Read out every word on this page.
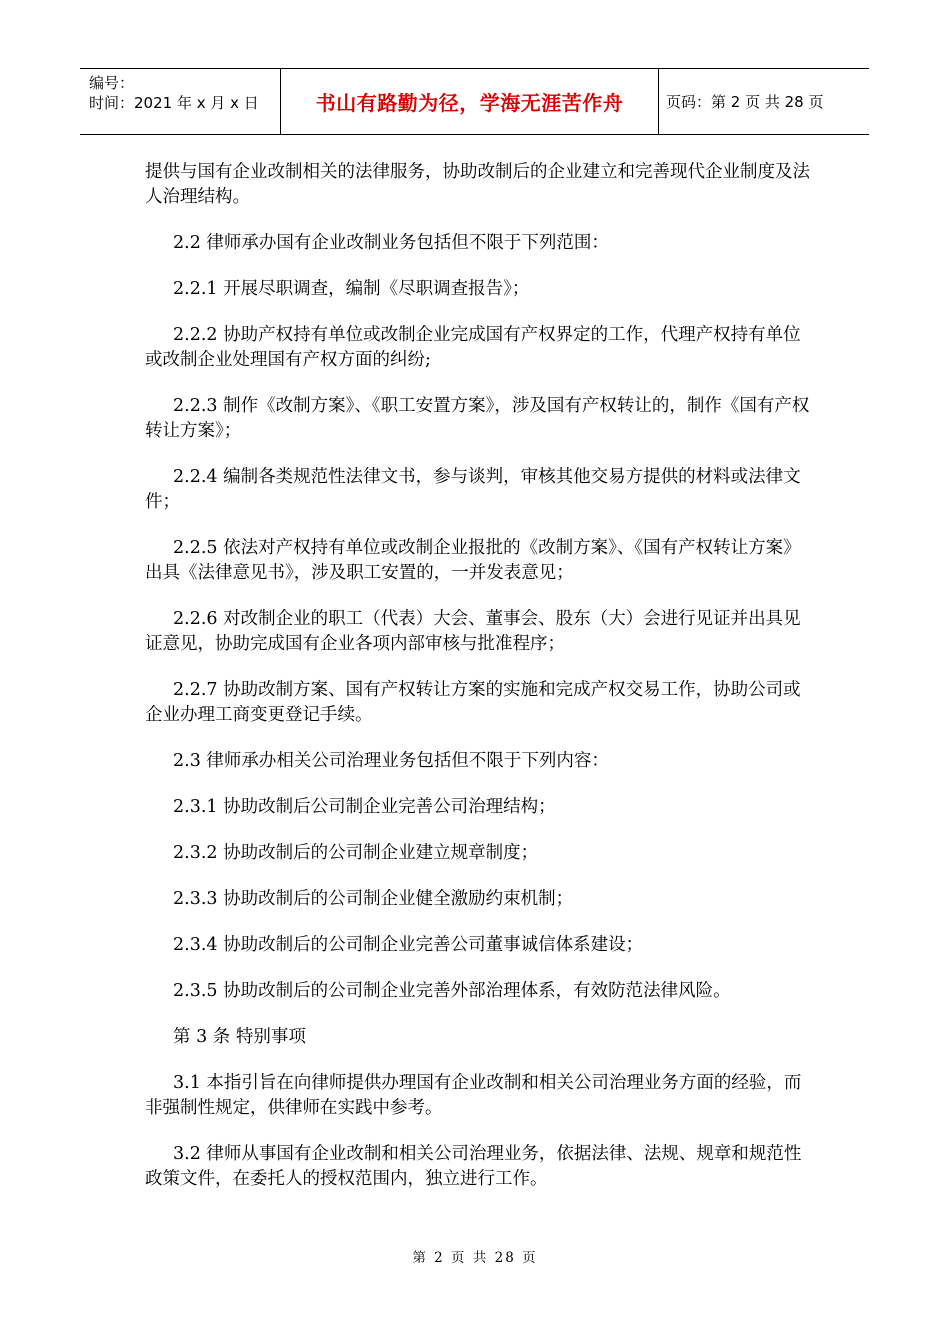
编号：
时间：2021 年 x 月 x 日	书山有路勤为径，学海无涯苦作舟	页码：第 2 页 共 28 页

提供与国有企业改制相关的法律服务，协助改制后的企业建立和完善现代企业制度及法人治理结构。

2.2 律师承办国有企业改制业务包括但不限于下列范围：

2.2.1 开展尽职调查，编制《尽职调查报告》；

2.2.2 协助产权持有单位或改制企业完成国有产权界定的工作，代理产权持有单位或改制企业处理国有产权方面的纠纷;

2.2.3 制作《改制方案》、《职工安置方案》，涉及国有产权转让的，制作《国有产权转让方案》；

2.2.4 编制各类规范性法律文书，参与谈判，审核其他交易方提供的材料或法律文件；

2.2.5 依法对产权持有单位或改制企业报批的《改制方案》、《国有产权转让方案》出具《法律意见书》，涉及职工安置的，一并发表意见；

2.2.6 对改制企业的职工（代表）大会、董事会、股东（大）会进行见证并出具见证意见，协助完成国有企业各项内部审核与批准程序；

2.2.7 协助改制方案、国有产权转让方案的实施和完成产权交易工作，协助公司或企业办理工商变更登记手续。

2.3 律师承办相关公司治理业务包括但不限于下列内容：

2.3.1 协助改制后公司制企业完善公司治理结构；

2.3.2 协助改制后的公司制企业建立规章制度；

2.3.3 协助改制后的公司制企业健全激励约束机制；

2.3.4 协助改制后的公司制企业完善公司董事诚信体系建设；

2.3.5 协助改制后的公司制企业完善外部治理体系，有效防范法律风险。

第 3 条 特别事项

3.1 本指引旨在向律师提供办理国有企业改制和相关公司治理业务方面的经验，而非强制性规定，供律师在实践中参考。

3.2 律师从事国有企业改制和相关公司治理业务，依据法律、法规、规章和规范性政策文件，在委托人的授权范围内，独立进行工作。

第 2 页 共 28 页
